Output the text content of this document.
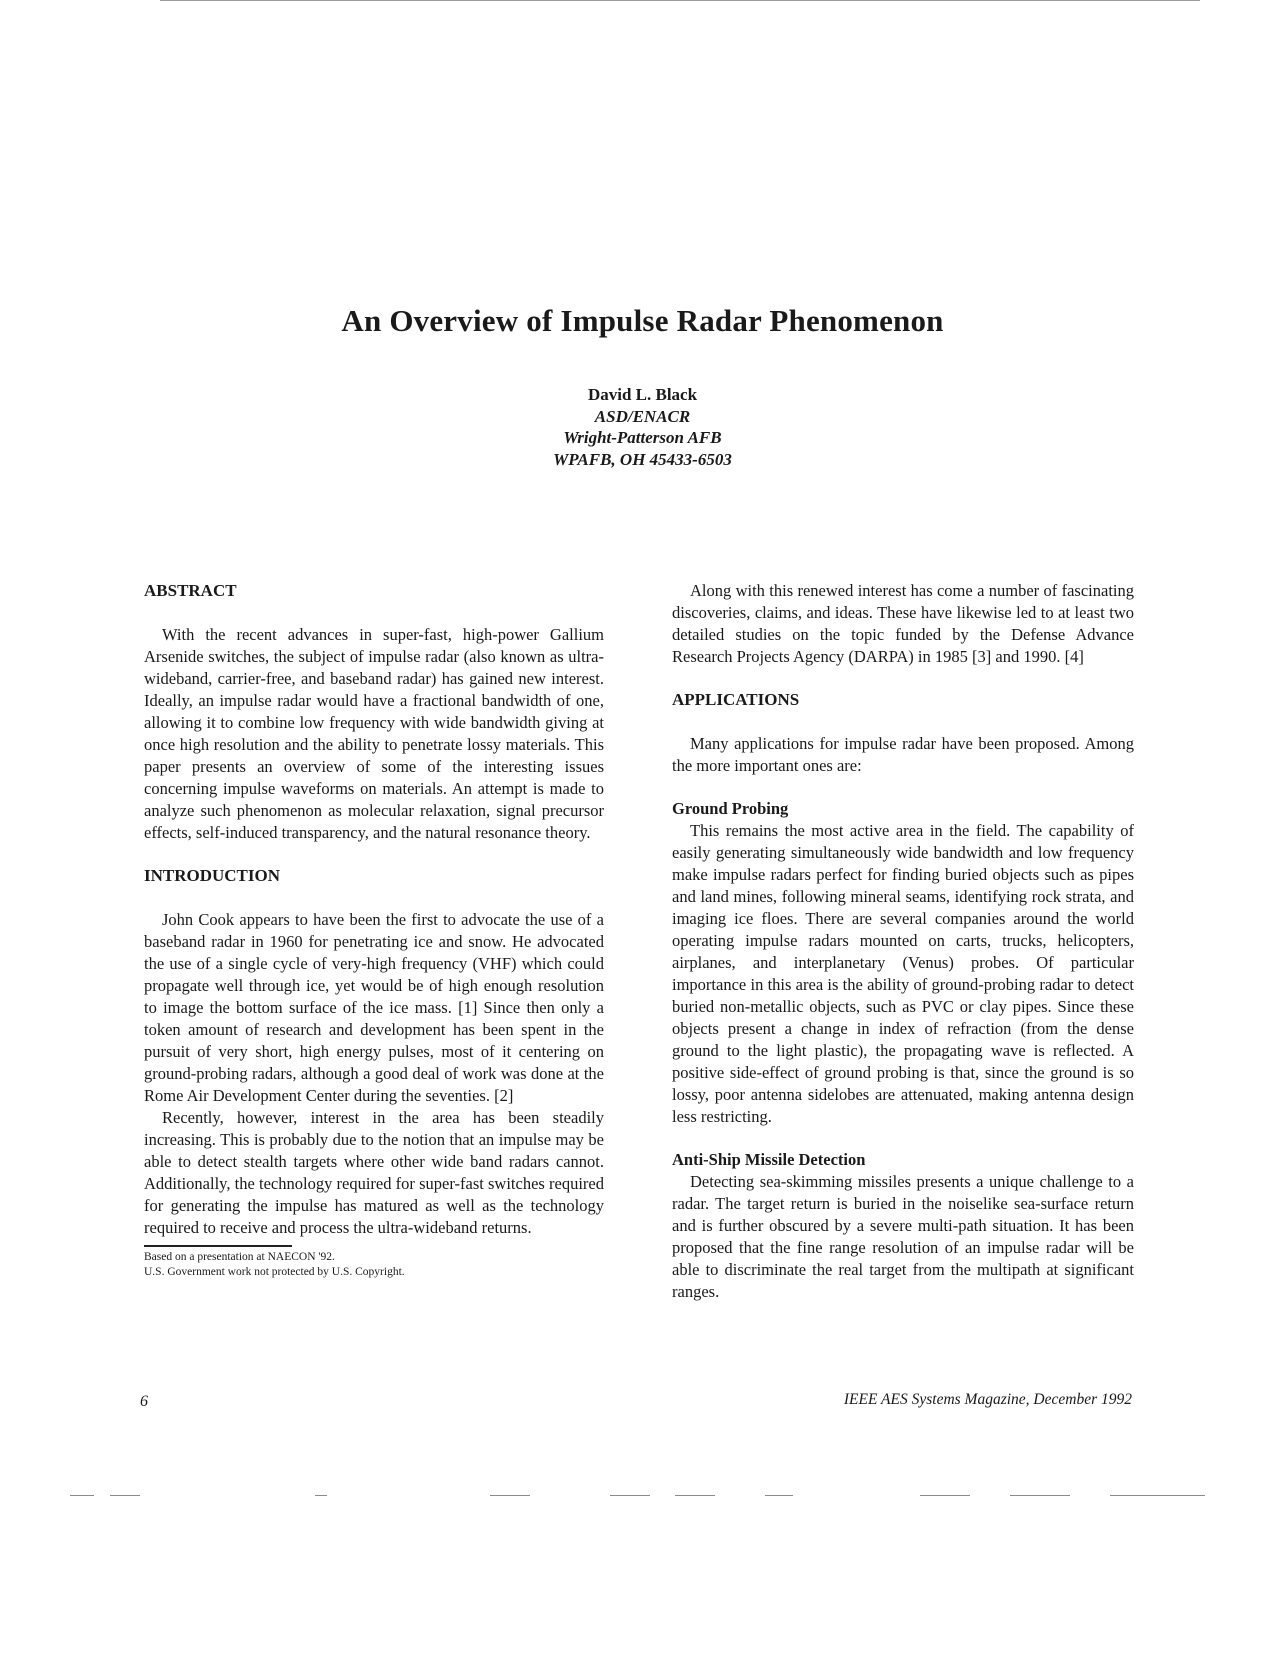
An Overview of Impulse Radar Phenomenon
David L. Black
ASD/ENACR
Wright-Patterson AFB
WPAFB, OH 45433-6503
ABSTRACT

With the recent advances in super-fast, high-power Gallium Arsenide switches, the subject of impulse radar (also known as ultra-wideband, carrier-free, and baseband radar) has gained new interest. Ideally, an impulse radar would have a fractional bandwidth of one, allowing it to combine low frequency with wide bandwidth giving at once high resolution and the ability to penetrate lossy materials. This paper presents an overview of some of the interesting issues concerning impulse waveforms on materials. An attempt is made to analyze such phenomenon as molecular relaxation, signal precursor effects, self-induced transparency, and the natural resonance theory.

INTRODUCTION

John Cook appears to have been the first to advocate the use of a baseband radar in 1960 for penetrating ice and snow. He advocated the use of a single cycle of very-high frequency (VHF) which could propagate well through ice, yet would be of high enough resolution to image the bottom surface of the ice mass. [1] Since then only a token amount of research and development has been spent in the pursuit of very short, high energy pulses, most of it centering on ground-probing radars, although a good deal of work was done at the Rome Air Development Center during the seventies. [2]

Recently, however, interest in the area has been steadily increasing. This is probably due to the notion that an impulse may be able to detect stealth targets where other wide band radars cannot. Additionally, the technology required for super-fast switches required for generating the impulse has matured as well as the technology required to receive and process the ultra-wideband returns.

Based on a presentation at NAECON '92.
U.S. Government work not protected by U.S. Copyright.

Along with this renewed interest has come a number of fascinating discoveries, claims, and ideas. These have likewise led to at least two detailed studies on the topic funded by the Defense Advance Research Projects Agency (DARPA) in 1985 [3] and 1990. [4]

APPLICATIONS

Many applications for impulse radar have been proposed. Among the more important ones are:

Ground Probing

This remains the most active area in the field. The capability of easily generating simultaneously wide bandwidth and low frequency make impulse radars perfect for finding buried objects such as pipes and land mines, following mineral seams, identifying rock strata, and imaging ice floes. There are several companies around the world operating impulse radars mounted on carts, trucks, helicopters, airplanes, and interplanetary (Venus) probes. Of particular importance in this area is the ability of ground-probing radar to detect buried non-metallic objects, such as PVC or clay pipes. Since these objects present a change in index of refraction (from the dense ground to the light plastic), the propagating wave is reflected. A positive side-effect of ground probing is that, since the ground is so lossy, poor antenna sidelobes are attenuated, making antenna design less restricting.

Anti-Ship Missile Detection

Detecting sea-skimming missiles presents a unique challenge to a radar. The target return is buried in the noiselike sea-surface return and is further obscured by a severe multi-path situation. It has been proposed that the fine range resolution of an impulse radar will be able to discriminate the real target from the multipath at significant ranges.

6	IEEE AES Systems Magazine, December 1992
